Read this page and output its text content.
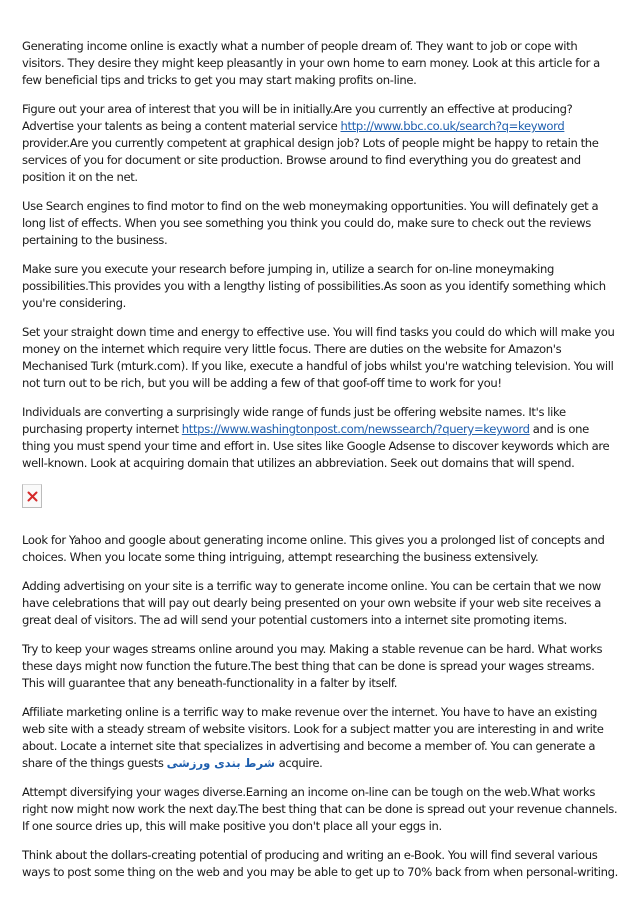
Generating income online is exactly what a number of people dream of. They want to job or cope with visitors. They desire they might keep pleasantly in your own home to earn money. Look at this article for a few beneficial tips and tricks to get you may start making profits on-line.

Figure out your area of interest that you will be in initially.Are you currently an effective at producing? Advertise your talents as being a content material service http://www.bbc.co.uk/search?q=keyword provider.Are you currently competent at graphical design job? Lots of people might be happy to retain the services of you for document or site production. Browse around to find everything you do greatest and position it on the net.

Use Search engines to find motor to find on the web moneymaking opportunities. You will definately get a long list of effects. When you see something you think you could do, make sure to check out the reviews pertaining to the business.

Make sure you execute your research before jumping in, utilize a search for on-line moneymaking possibilities.This provides you with a lengthy listing of possibilities.As soon as you identify something which you're considering.

Set your straight down time and energy to effective use. You will find tasks you could do which will make you money on the internet which require very little focus. There are duties on the website for Amazon's Mechanised Turk (mturk.com). If you like, execute a handful of jobs whilst you're watching television. You will not turn out to be rich, but you will be adding a few of that goof-off time to work for you!

Individuals are converting a surprisingly wide range of funds just be offering website names. It's like purchasing property internet https://www.washingtonpost.com/newssearch/?query=keyword and is one thing you must spend your time and effort in. Use sites like Google Adsense to discover keywords which are well-known. Look at acquiring domain that utilizes an abbreviation. Seek out domains that will spend.

Look for Yahoo and google about generating income online. This gives you a prolonged list of concepts and choices. When you locate some thing intriguing, attempt researching the business extensively.

Adding advertising on your site is a terrific way to generate income online. You can be certain that we now have celebrations that will pay out dearly being presented on your own website if your web site receives a great deal of visitors. The ad will send your potential customers into a internet site promoting items.

Try to keep your wages streams online around you may. Making a stable revenue can be hard. What works these days might now function the future.The best thing that can be done is spread your wages streams. This will guarantee that any beneath-functionality in a falter by itself.

Affiliate marketing online is a terrific way to make revenue over the internet. You have to have an existing web site with a steady stream of website visitors. Look for a subject matter you are interesting in and write about. Locate a internet site that specializes in advertising and become a member of. You can generate a share of the things guests شرط بندی ورزشی acquire.

Attempt diversifying your wages diverse.Earning an income on-line can be tough on the web.What works right now might now work the next day.The best thing that can be done is spread out your revenue channels. If one source dries up, this will make positive you don't place all your eggs in.

Think about the dollars-creating potential of producing and writing an e-Book. You will find several various ways to post some thing on the web and you may be able to get up to 70% back from when personal-writing.
